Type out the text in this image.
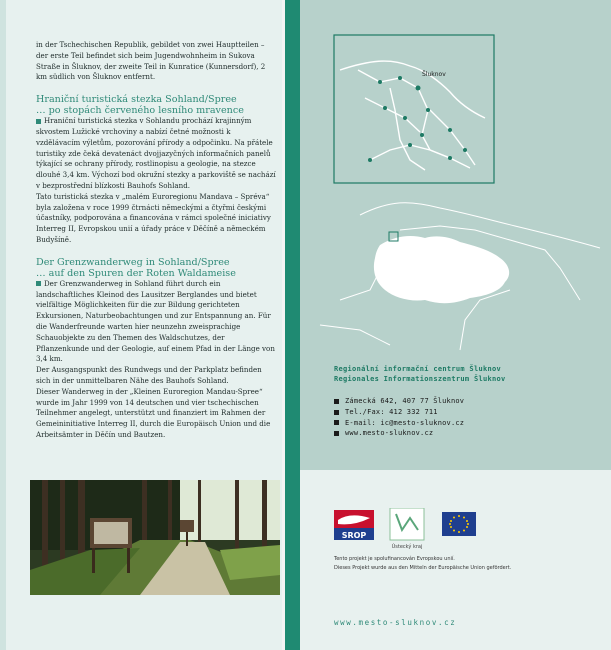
in der Tschechischen Republik, gebildet von zwei Hauptteilen – der erste Teil befindet sich beim Jugendwohnheim in Sukova Straße in Šluknov, der zweite Teil in Kunratice (Kunnersdorf), 2 km südlich von Šluknov entfernt.

Hraniční turistická stezka Sohland/Spree
… po stopách červeného lesního mravence

Hraniční turistická stezka v Sohlandu prochází krajinným skvostem Lužické vrchoviny a nabízí četné možnosti k vzdělávacím výletům, pozorování přírody a odpočinku. Na přátele turistiky zde čeká devatenáct dvojjazyčných informačních panelů týkající se ochrany přírody, rostlinopisu a geologie, na stezce dlouhé 3,4 km. Výchozí bod okružní stezky a parkoviště se nachází v bezprostřední blízkosti Bauhofs Sohland.

Tato turistická stezka v „malém Euroregionu Mandava – Spréva“ byla založena v roce 1999 čtrnácti německými a čtyřmi českými účastníky, podporována a financována v rámci společné iniciativy Interreg II, Evropskou unií a úřady práce v Děčíně a německém Budyšíně.

Der Grenzwanderweg in Sohland/Spree
… auf den Spuren der Roten Waldameise

Der Grenzwanderweg in Sohland führt durch ein landschaftliches Kleinod des Lausitzer Berglandes und bietet vielfältige Möglichkeiten für die zur Bildung gerichteten Exkursionen, Naturbeobachtungen und zur Entspannung an. Für die Wanderfreunde warten hier neunzehn zweisprachige Schauobjekte zu den Themen des Waldschutzes, der Pflanzenkunde und der Geologie, auf einem Pfad in der Länge von 3,4 km.

Der Ausgangspunkt des Rundwegs und der Parkplatz befinden sich in der unmittelbaren Nähe des Bauhofs Sohland.

Dieser Wanderweg in der „Kleinen Euroregion Mandau-Spree“ wurde im Jahr 1999 von 14 deutschen und vier tschechischen Teilnehmer angelegt, unterstützt und finanziert im Rahmen der Gemeininitiative Interreg II, durch die Europäisch Union und die Arbeitsämter in Děčín und Bautzen.

Šluknov
Regionální informační centrum Šluknov
Regionales Informationszentrum Šluknov
Zámecká 642, 407 77 Šluknov
Tel./Fax: 412 332 711
E-mail: ic@mesto-sluknov.cz
www.mesto-sluknov.cz
SROP
Ústecký kraj
Tento projekt je spolufinancován Evropskou unií.
Dieses Projekt wurde aus den Mitteln der Europäische Union gefördert.
www.mesto-sluknov.cz
